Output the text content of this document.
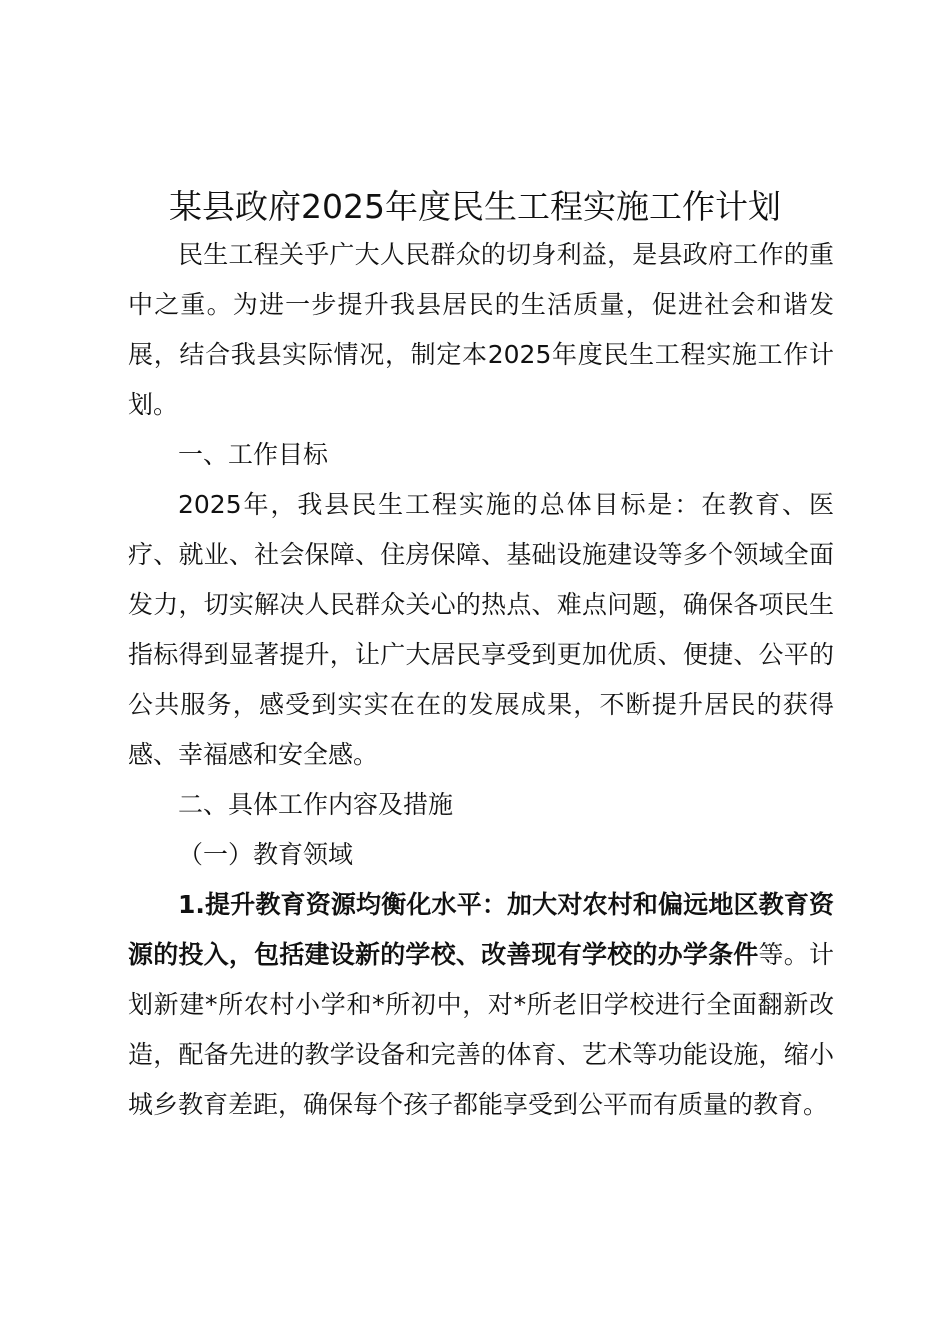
某县政府2025年度民生工程实施工作计划

民生工程关乎广大人民群众的切身利益，是县政府工作的重中之重。为进一步提升我县居民的生活质量，促进社会和谐发展，结合我县实际情况，制定本2025年度民生工程实施工作计划。

一、工作目标

2025年，我县民生工程实施的总体目标是：在教育、医疗、就业、社会保障、住房保障、基础设施建设等多个领域全面发力，切实解决人民群众关心的热点、难点问题，确保各项民生指标得到显著提升，让广大居民享受到更加优质、便捷、公平的公共服务，感受到实实在在的发展成果，不断提升居民的获得感、幸福感和安全感。

二、具体工作内容及措施

（一）教育领域

1.提升教育资源均衡化水平：加大对农村和偏远地区教育资源的投入，包括建设新的学校、改善现有学校的办学条件等。计划新建*所农村小学和*所初中，对*所老旧学校进行全面翻新改造，配备先进的教学设备和完善的体育、艺术等功能设施，缩小城乡教育差距，确保每个孩子都能享受到公平而有质量的教育。
